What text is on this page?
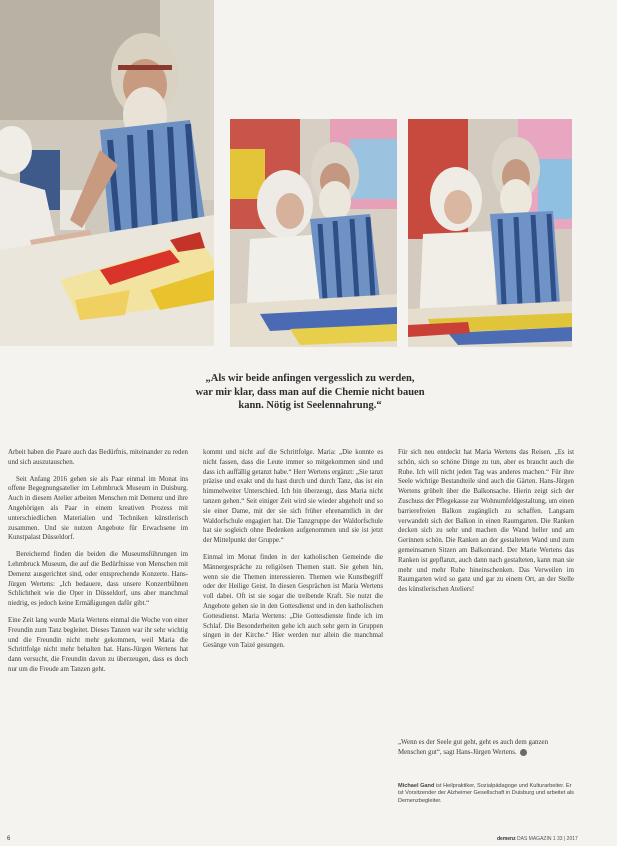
„Als wir beide anfingen vergesslich zu werden,
war mir klar, dass man auf die Chemie nicht bauen
kann. Nötig ist Seelennahrung.“

Arbeit haben die Paare auch das Bedürfnis, miteinander zu reden und sich auszutauschen.

Seit Anfang 2016 gehen sie als Paar einmal im Monat ins offene Begegnungsatelier im Lehmbruck Museum in Duisburg. Auch in diesem Atelier arbeiten Menschen mit Demenz und ihre Angehörigen als Paar in einem kreativen Prozess mit unterschiedlichen Materialien und Techniken künstlerisch zusammen. Und sie nutzen Angebote für Erwachsene im Kunstpalast Düsseldorf.

Bereichernd finden die beiden die Museumsführungen im Lehmbruck Museum, die auf die Bedürfnisse von Menschen mit Demenz ausgerichtet sind, oder entsprechende Konzerte. Hans-Jürgen Wertens: „Ich bedauere, dass unsere Konzertbühnen Schlichtheit wie die Oper in Düsseldorf, uns aber manchmal niedrig, es jedoch keine Ermäßigungen dafür gibt.“

Eine Zeit lang wurde Maria Wertens einmal die Woche von einer Freundin zum Tanz begleitet. Dieses Tanzen war ihr sehr wichtig und die Freundin nicht mehr gekommen, weil Maria die Schrittfolge nicht mehr behalten hat. Hans-Jürgen Wertens hat dann versucht, die Freundin davon zu überzeugen, dass es doch nur um die Freude am Tanzen geht.

kommt und nicht auf die Schrittfolge. Maria: „Die konnte es nicht fassen, dass die Leute immer so mitgekommen sind und dass ich auffällig getanzt habe.“ Herr Wertens ergänzt: „Sie tanzt präzise und exakt und du hast durch und durch Tanz, das ist ein himmelweiter Unterschied. Ich bin überzeugt, dass Maria nicht tanzen gehen.“ Seit einiger Zeit wird sie wieder abgeholt und so sie einer Dame, mit der sie sich früher ehrenamtlich in der Waldorfschule engagiert hat. Die Tanzgruppe der Waldorfschule hat sie sogleich ohne Bedenken aufgenommen und sie ist jetzt der Mittelpunkt der Gruppe.“

Einmal im Monat finden in der katholischen Gemeinde die Männergespräche zu religiösen Themen statt. Sie gehen hin, wenn sie die Themen interessieren. Themen wie Kunstbegriff oder der Heilige Geist. In diesen Gesprächen ist Maria Wertens voll dabei. Oft ist sie sogar die treibende Kraft. Sie nutzt die Angebote gehen sie in den Gottesdienst und in den katholischen Gottesdienst. Maria Wertens: „Die Gottesdienste finde ich im Schlaf. Die Besonderheiten gehe ich auch sehr gern in Gruppen singen in der Kirche.“ Hier werden nur allein die manchmal Gesänge von Taizé gesungen.

Für sich neu entdeckt hat Maria Wertens das Reisen. „Es ist schön, sich so schöne Dinge zu tun, aber es braucht auch die Ruhe. Ich will nicht jeden Tag was anderes machen.“ Für ihre Seele wichtige Bestandteile sind auch die Gärten. Hans-Jürgen Wertens grübelt über die Balkonsache. Hierin zeigt sich der Zuschuss der Pflegekasse zur Wohnumfeldgestaltung, um einen barrierefreien Balkon zugänglich zu schaffen. Langsam verwandelt sich der Balkon in einen Raumgarten. Die Ranken decken sich zu sehr und machen die Wand heller und am Gerinnen schön. Die Ranken an der gestalteten Wand und zum gemeinsamen Sitzen am Balkonrand. Der Marie Wertens das Ranken ist gepflanzt, auch dann nach gestalteten, kann man sie mehr und mehr Ruhe hineinschenken. Das Verweilen im Raumgarten wird so ganz und gar zu einem Ort, an der Stelle des künstlerischen Ateliers!

„Wenn es der Seele gut geht, geht es auch dem ganzen Menschen gut“, sagt Hans-Jürgen Wertens.
Michael Gand ist Heilpraktiker, Sozialpädagoge und Kulturarbeiter. Er ist Vorsitzender der Alzheimer Gesellschaft in Duisburg und arbeitet als Demenzbegleiter.
6	demenz DAS MAGAZIN 1 33 | 2017
